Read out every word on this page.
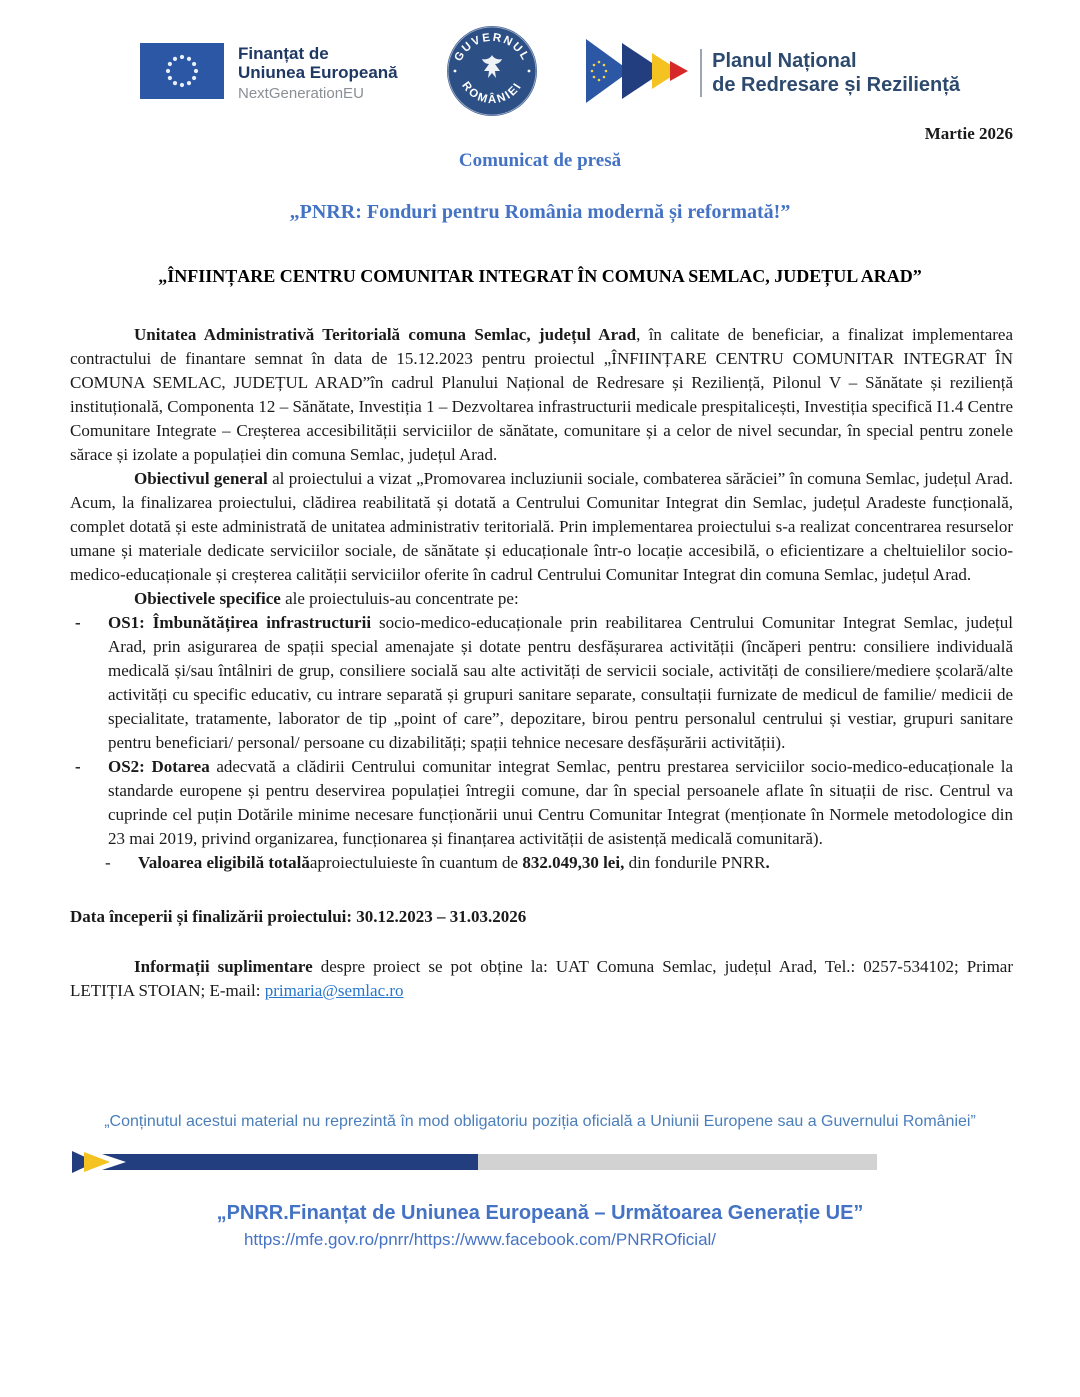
Finanțat de
Uniunea Europeană
NextGenerationEU
GUVERNUL
ROMÂNIEI
Planul Național
de Redresare și Reziliență
Martie 2026
Comunicat de presă
„PNRR: Fonduri pentru România modernă și reformată!”
„ÎNFIINȚARE CENTRU COMUNITAR INTEGRAT ÎN COMUNA SEMLAC, JUDEȚUL ARAD”

Unitatea Administrativă Teritorială comuna Semlac, județul Arad, în calitate de beneficiar, a finalizat implementarea contractului de finantare semnat în data de 15.12.2023 pentru proiectul „ÎNFIINȚARE CENTRU COMUNITAR INTEGRAT ÎN COMUNA SEMLAC, JUDEȚUL ARAD”în cadrul Planului Național de Redresare și Reziliență, Pilonul V – Sănătate și reziliență instituțională, Componenta 12 – Sănătate, Investiția 1 – Dezvoltarea infrastructurii medicale prespitalicești, Investiția specifică I1.4 Centre Comunitare Integrate – Creșterea accesibilității serviciilor de sănătate, comunitare și a celor de nivel secundar, în special pentru zonele sărace și izolate a populației din comuna Semlac, județul Arad.

Obiectivul general al proiectului a vizat „Promovarea incluziunii sociale, combaterea sărăciei” în comuna Semlac, județul Arad. Acum, la finalizarea proiectului, clădirea reabilitată și dotată a Centrului Comunitar Integrat din Semlac, județul Aradeste funcțională, complet dotată și este administrată de unitatea administrativ teritorială. Prin implementarea proiectului s-a realizat concentrarea resurselor umane și materiale dedicate serviciilor sociale, de sănătate și educaționale într-o locație accesibilă, o eficientizare a cheltuielilor socio-medico-educaționale și creșterea calității serviciilor oferite în cadrul Centrului Comunitar Integrat din comuna Semlac, județul Arad.

Obiectivele specifice ale proiectuluis-au concentrate pe:

- OS1: Îmbunătățirea infrastructurii socio-medico-educaționale prin reabilitarea Centrului Comunitar Integrat Semlac, județul Arad, prin asigurarea de spații special amenajate și dotate pentru desfășurarea activității (încăperi pentru: consiliere individuală medicală și/sau întâlniri de grup, consiliere socială sau alte activități de servicii sociale, activități de consiliere/mediere școlară/alte activități cu specific educativ, cu intrare separată și grupuri sanitare separate, consultații furnizate de medicul de familie/ medicii de specialitate, tratamente, laborator de tip „point of care”, depozitare, birou pentru personalul centrului și vestiar, grupuri sanitare pentru beneficiari/ personal/ persoane cu dizabilități; spații tehnice necesare desfășurării activității).
- OS2: Dotarea adecvată a clădirii Centrului comunitar integrat Semlac, pentru prestarea serviciilor socio-medico-educaționale la standarde europene și pentru deservirea populației întregii comune, dar în special persoanele aflate în situații de risc. Centrul va cuprinde cel puțin Dotările minime necesare funcționării unui Centru Comunitar Integrat (menționate în Normele metodologice din 23 mai 2019, privind organizarea, funcționarea și finanțarea activității de asistență medicală comunitară).
- Valoarea eligibilă totalăaproiectuluieste în cuantum de 832.049,30 lei, din fondurile PNRR.

Data începerii și finalizării proiectului: 30.12.2023 – 31.03.2026

Informații suplimentare despre proiect se pot obține la: UAT Comuna Semlac, județul Arad, Tel.: 0257-534102; Primar LETIȚIA STOIAN; E-mail: primaria@semlac.ro

„Conținutul acestui material nu reprezintă în mod obligatoriu poziția oficială a Uniunii Europene sau a Guvernului României”
„PNRR.Finanțat de Uniunea Europeană – Următoarea Generație UE”
https://mfe.gov.ro/pnrr/https://www.facebook.com/PNRROficial/
